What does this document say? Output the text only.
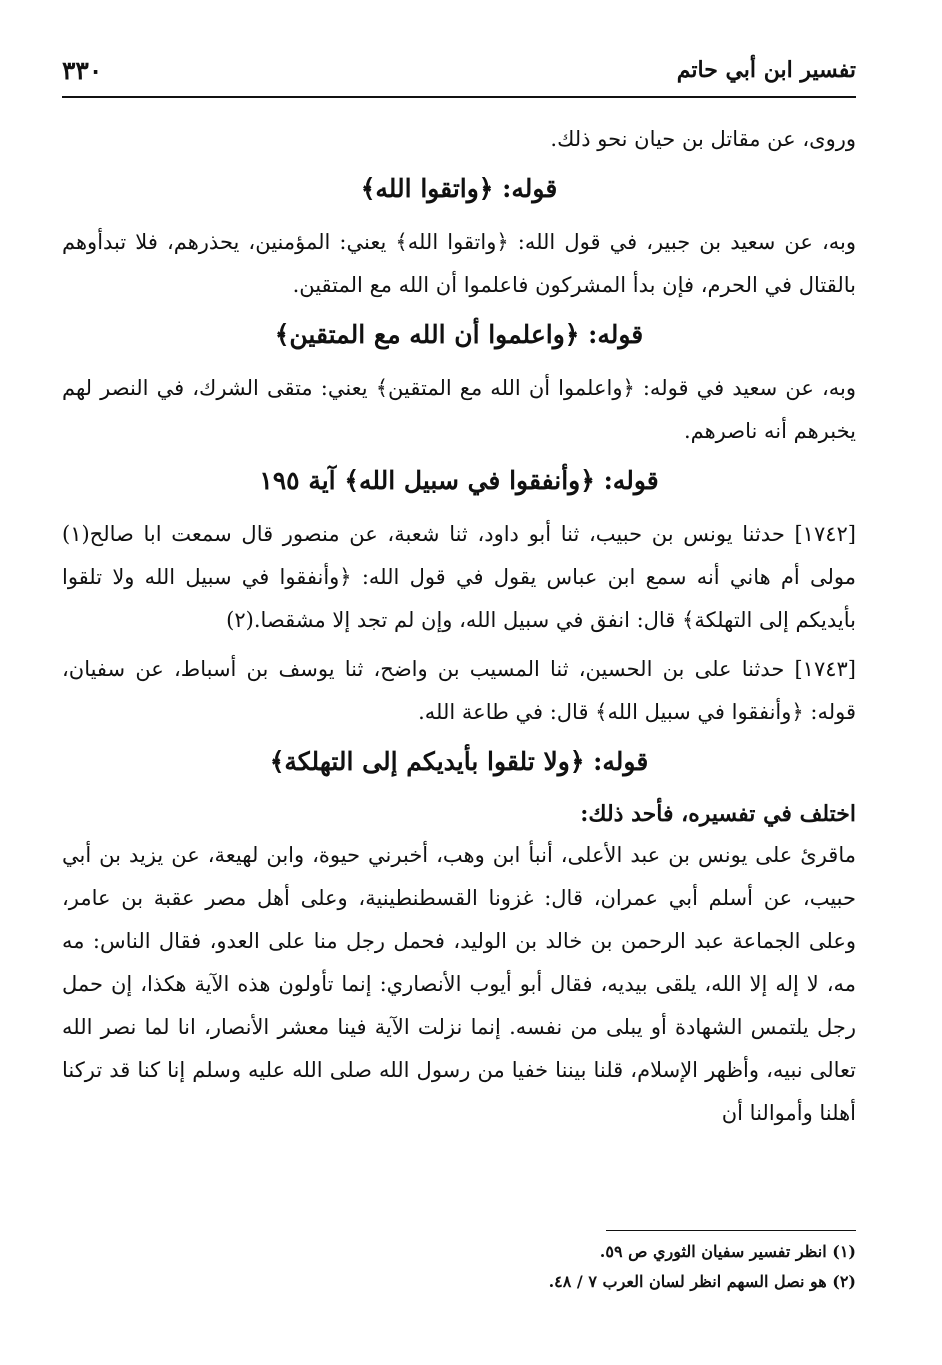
تفسير ابن أبي حاتم
٣٣٠

وروى، عن مقاتل بن حيان نحو ذلك.

قوله: ﴿واتقوا الله﴾

وبه، عن سعيد بن جبير، في قول الله: ﴿واتقوا الله﴾ يعني: المؤمنين، يحذرهم، فلا تبدأوهم بالقتال في الحرم، فإن بدأ المشركون فاعلموا أن الله مع المتقين.

قوله: ﴿واعلموا أن الله مع المتقين﴾

وبه، عن سعيد في قوله: ﴿واعلموا أن الله مع المتقين﴾ يعني: متقى الشرك، في النصر لهم يخبرهم أنه ناصرهم.

قوله: ﴿وأنفقوا في سبيل الله﴾ آية ١٩٥

[١٧٤٢] حدثنا يونس بن حبيب، ثنا أبو داود، ثنا شعبة، عن منصور قال سمعت ابا صالح(١) مولى أم هاني أنه سمع ابن عباس يقول في قول الله: ﴿وأنفقوا في سبيل الله ولا تلقوا بأيديكم إلى التهلكة﴾ قال: انفق في سبيل الله، وإن لم تجد إلا مشقصا.(٢)

[١٧٤٣] حدثنا على بن الحسين، ثنا المسيب بن واضح، ثنا يوسف بن أسباط، عن سفيان، قوله: ﴿وأنفقوا في سبيل الله﴾ قال: في طاعة الله.

قوله: ﴿ولا تلقوا بأيديكم إلى التهلكة﴾
اختلف في تفسيره، فأحد ذلك:

ماقرئ على يونس بن عبد الأعلى، أنبأ ابن وهب، أخبرني حيوة، وابن لهيعة، عن يزيد بن أبي حبيب، عن أسلم أبي عمران، قال: غزونا القسطنطينية، وعلى أهل مصر عقبة بن عامر، وعلى الجماعة عبد الرحمن بن خالد بن الوليد، فحمل رجل منا على العدو، فقال الناس: مه مه، لا إله إلا الله، يلقى بيديه، فقال أبو أيوب الأنصاري: إنما تأولون هذه الآية هكذا، إن حمل رجل يلتمس الشهادة أو يبلى من نفسه. إنما نزلت الآية فينا معشر الأنصار، انا لما نصر الله تعالى نبيه، وأظهر الإسلام، قلنا بيننا خفيا من رسول الله صلى الله عليه وسلم إنا كنا قد تركنا أهلنا وأموالنا أن

(١) انظر تفسير سفيان الثوري ص ٥٩.
(٢) هو نصل السهم انظر لسان العرب ٧ / ٤٨.
